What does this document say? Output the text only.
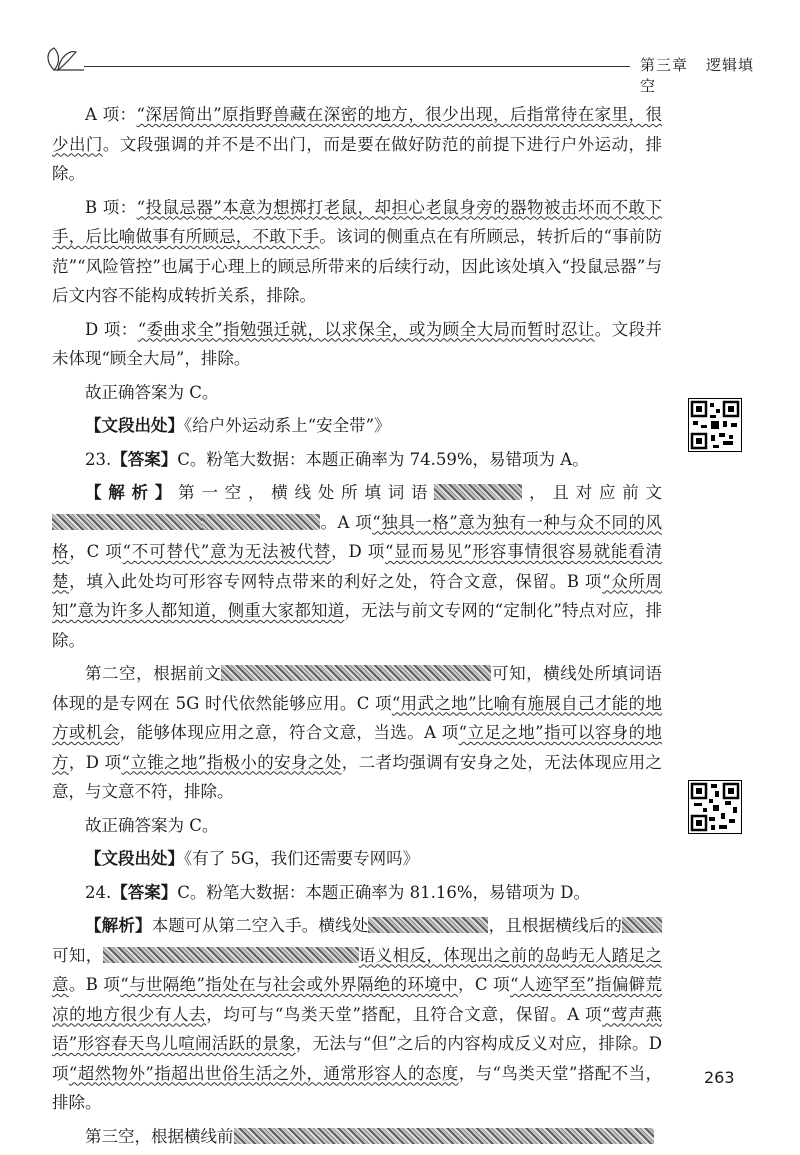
第三章 逻辑填空

A 项：“深居简出”原指野兽藏在深密的地方，很少出现，后指常待在家里，很少出门。文段强调的并不是不出门，而是要在做好防范的前提下进行户外运动，排除。

B 项：“投鼠忌器”本意为想掷打老鼠，却担心老鼠身旁的器物被击坏而不敢下手，后比喻做事有所顾忌，不敢下手。该词的侧重点在有所顾忌，转折后的“事前防范”“风险管控”也属于心理上的顾忌所带来的后续行动，因此该处填入“投鼠忌器”与后文内容不能构成转折关系，排除。

D 项：“委曲求全”指勉强迁就，以求保全，或为顾全大局而暂时忍让。文段并未体现“顾全大局”，排除。

故正确答案为 C。

【文段出处】《给户外运动系上“安全带”》

23.【答案】C。粉笔大数据：本题正确率为 74.59%，易错项为 A。

【解析】第一空，横线处所填词语	，且对应前文。A 项“独具一格”意为独有一种与众不同的风格，C 项“不可替代”意为无法被代替，D 项“显而易见”形容事情很容易就能看清楚，填入此处均可形容专网特点带来的利好之处，符合文意，保留。B 项“众所周知”意为许多人都知道，侧重大家都知道，无法与前文专网的“定制化”特点对应，排除。

第二空，根据前文	可知，横线处所填词语体现的是专网在 5G 时代依然能够应用。C 项“用武之地”比喻有施展自己才能的地方或机会，能够体现应用之意，符合文意，当选。A 项“立足之地”指可以容身的地方，D 项“立锥之地”指极小的安身之处，二者均强调有安身之处，无法体现应用之意，与文意不符，排除。

故正确答案为 C。

【文段出处】《有了 5G，我们还需要专网吗》

24.【答案】C。粉笔大数据：本题正确率为 81.16%，易错项为 D。

【解析】本题可从第二空入手。横线处	，且根据横线后的可知，	语义相反，体现出之前的岛屿无人踏足之意。B 项“与世隔绝”指处在与社会或外界隔绝的环境中，C 项“人迹罕至”指偏僻荒凉的地方很少有人去，均可与“鸟类天堂”搭配，且符合文意，保留。A 项“莺声燕语”形容春天鸟儿喧闹活跃的景象，无法与“但”之后的内容构成反义对应，排除。D 项“超然物外”指超出世俗生活之外，通常形容人的态度，与“鸟类天堂”搭配不当，排除。

第三空，根据横线前

263
